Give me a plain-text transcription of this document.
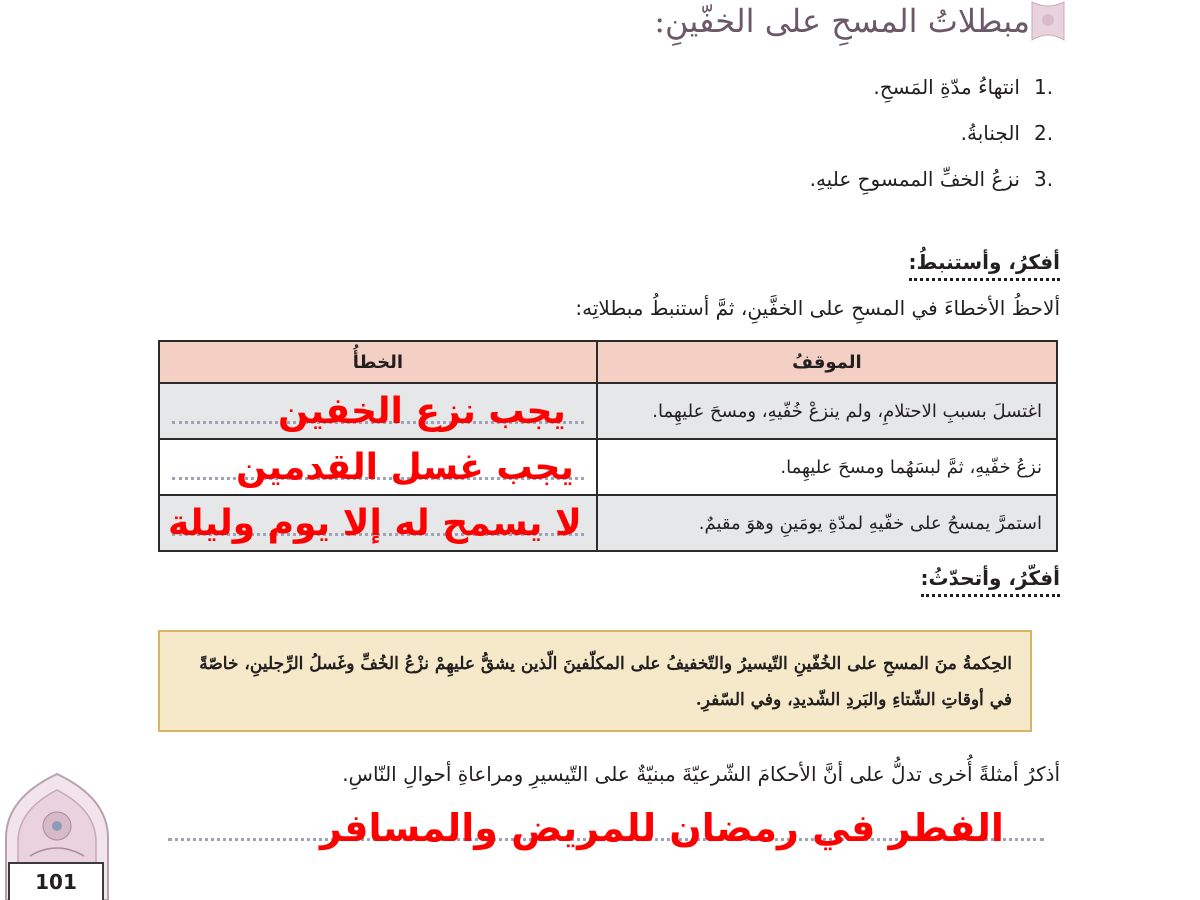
مبطلاتُ المسحِ على الخفّينِ:
1.
انتهاءُ مدّةِ المَسحِ.
2.
الجنابةُ.
3.
نزعُ الخفِّ الممسوحِ عليهِ.
أفكرُ، وأستنبطُ:
ألاحظُ الأخطاءَ في المسحِ على الخفَّينِ، ثمَّ أستنبطُ مبطلاتِه:
الموقفُ	الخطأُ
اغتسلَ بسببِ الاحتلامِ، ولم ينزعْ خُفّيهِ، ومسحَ عليهِما.	يجب نزع الخفين
نزعُ خفّيهِ، ثمَّ لبسَهُما ومسحَ عليهِما.	يجب غسل القدمين
استمرَّ يمسحُ على خفّيهِ لمدّةِ يومَينِ وهوَ مقيمٌ.	لا يسمح له إلا يوم وليلة
أفكّرُ، وأتحدّثُ:
الحِكمةُ منَ المسحِ على الخُفّينِ التّيسيرُ والتّخفيفُ على المكلّفينَ الّذين يشقُّ عليهِمْ نزْعُ الخُفِّ وغَسلُ الرِّجلينِ، خاصّةً في أوقاتِ الشّتاءِ والبَردِ الشّديدِ، وفي السّفرِ.
أذكرُ أمثلةً أُخرى تدلُّ على أنَّ الأحكامَ الشّرعيّةَ مبنيّةٌ على التّيسيرِ ومراعاةِ أحوالِ النّاسِ.
الفطر في رمضان للمريض والمسافر
101
